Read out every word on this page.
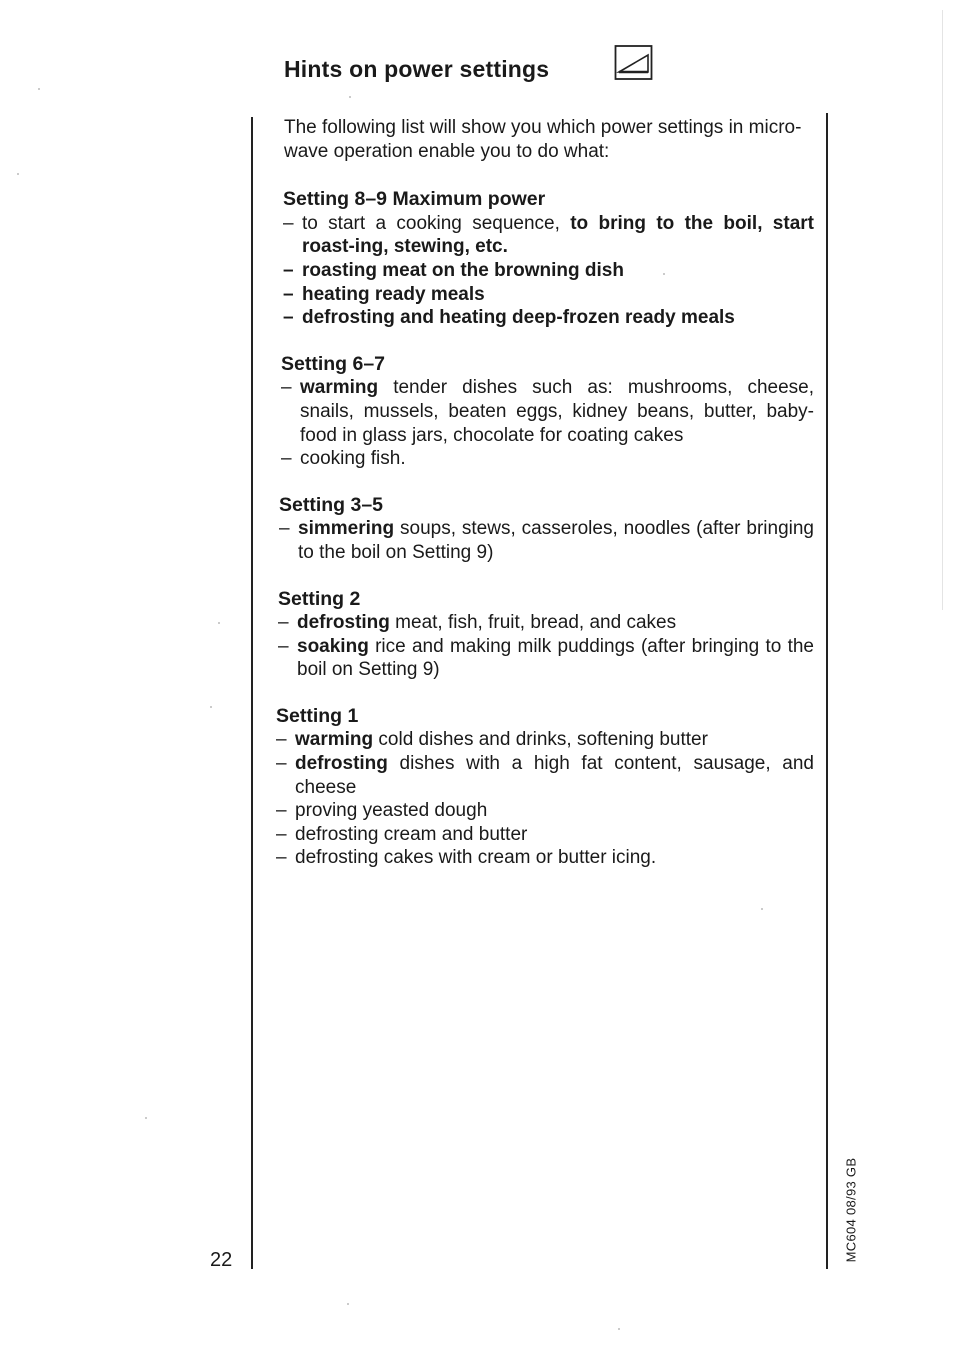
Hints on power settings

The following list will show you which power settings in micro-wave operation enable you to do what:

Setting 8–9 Maximum power

– to start a cooking sequence, to bring to the boil, start roast-ing, stewing, etc.
– roasting meat on the browning dish
– heating ready meals
– defrosting and heating deep-frozen ready meals

Setting 6–7

– warming tender dishes such as: mushrooms, cheese, snails, mussels, beaten eggs, kidney beans, butter, baby-food in glass jars, chocolate for coating cakes
– cooking fish.

Setting 3–5

– simmering soups, stews, casseroles, noodles (after bringing to the boil on Setting 9)

Setting 2

– defrosting meat, fish, fruit, bread, and cakes
– soaking rice and making milk puddings (after bringing to the boil on Setting 9)

Setting 1

– warming cold dishes and drinks, softening butter
– defrosting dishes with a high fat content, sausage, and cheese
– proving yeasted dough
– defrosting cream and butter
– defrosting cakes with cream or butter icing.
22	MC604 08/93 GB
